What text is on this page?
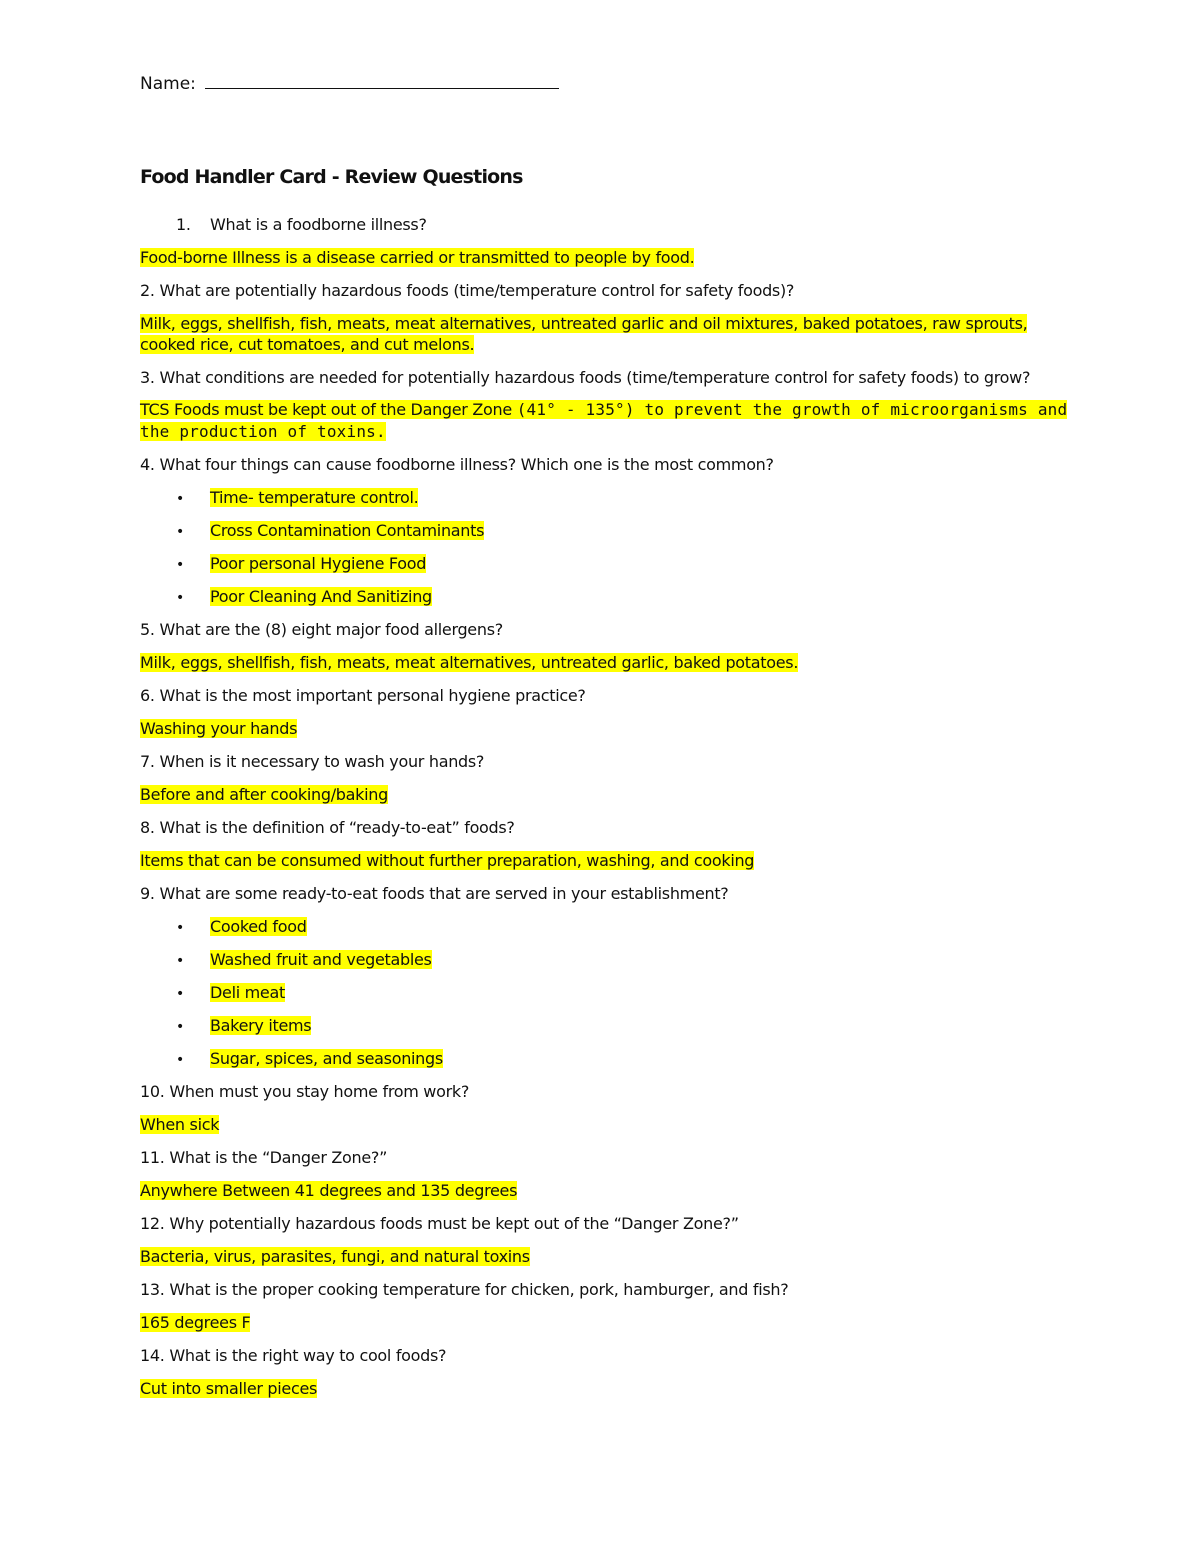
Name:
Food Handler Card - Review Questions
1. What is a foodborne illness?
Food-borne Illness is a disease carried or transmitted to people by food.
2. What are potentially hazardous foods (time/temperature control for safety foods)?
Milk, eggs, shellfish, fish, meats, meat alternatives, untreated garlic and oil mixtures, baked potatoes, raw sprouts,
cooked rice, cut tomatoes, and cut melons.
3. What conditions are needed for potentially hazardous foods (time/temperature control for safety foods) to grow?
TCS Foods must be kept out of the Danger Zone (41° - 135°) to prevent the growth of microorganisms and
the production of toxins.
4. What four things can cause foodborne illness? Which one is the most common?
• Time- temperature control.
• Cross Contamination Contaminants
• Poor personal Hygiene Food
• Poor Cleaning And Sanitizing
5. What are the (8) eight major food allergens?
Milk, eggs, shellfish, fish, meats, meat alternatives, untreated garlic, baked potatoes.
6. What is the most important personal hygiene practice?
Washing your hands
7. When is it necessary to wash your hands?
Before and after cooking/baking
8. What is the definition of “ready-to-eat” foods?
Items that can be consumed without further preparation, washing, and cooking
9. What are some ready-to-eat foods that are served in your establishment?
• Cooked food
• Washed fruit and vegetables
• Deli meat
• Bakery items
• Sugar, spices, and seasonings
10. When must you stay home from work?
When sick
11. What is the “Danger Zone?”
Anywhere Between 41 degrees and 135 degrees
12. Why potentially hazardous foods must be kept out of the “Danger Zone?”
Bacteria, virus, parasites, fungi, and natural toxins
13. What is the proper cooking temperature for chicken, pork, hamburger, and fish?
165 degrees F
14. What is the right way to cool foods?
Cut into smaller pieces
